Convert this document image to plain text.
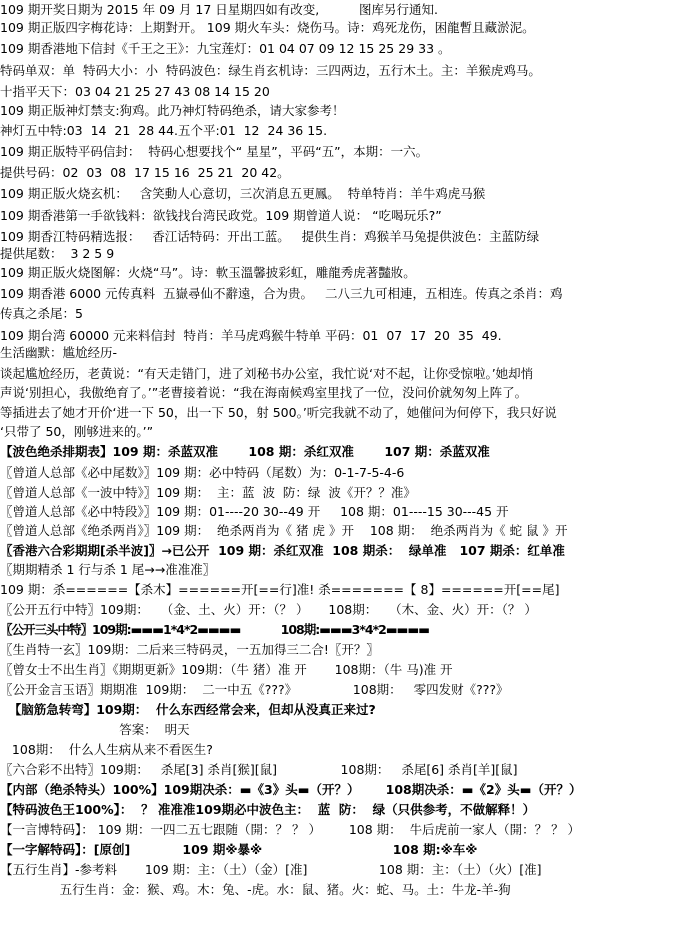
109 期开奖日期为 2015 年 09 月 17 日星期四如有改变,          图库另行通知.
109 期正版四字梅花诗：上期對开。 109 期火车头：烧伤马。诗：鸡死龙伤，困龍暫且藏淤泥。
109 期香港地下信封《千王之王》：九宝莲灯：01 04 07 09 12 15 25 29 33 。
特码单双：单  特码大小：小  特码波色：绿生肖玄机诗：三四两边，五行木土。主：羊猴虎鸡马。
十指平天下：03 04 21 25 27 43 08 14 15 20
109 期正版神灯禁支:狗鸡。此乃神灯特码绝杀，请大家参考！
神灯五中特:03  14  21  28 44.五个平:01  12  24 36 15.
109 期正版特平码信封：  特码心想要找个“ 星星”，平码“五”，本期：一六。
提供号码：02  03  08  17 15 16  25 21  20 42。
109 期正版火烧玄机：   含笑動人心意切，三次消息五更鳳。  特单特肖：羊牛鸡虎马猴
109 期香港第一手欲钱料：欲钱找台湾民政党。109 期曾道人说： “吃喝玩乐?”
109 期香江特码精选报：   香江话特码：开出工蓝。   提供生肖：鸡猴羊马兔提供波色：主蓝防绿
提供尾数：  3 2 5 9
109 期正版火烧图解：火烧“马”。诗：軟玉溫馨披彩虹，雕龍秀虎著豔妝。
109 期香港 6000 元传真料  五嶽尋仙不辭遠，合为贵。   二八三九可相連，五相连。传真之杀肖：鸡
传真之杀尾：5
109 期台湾 60000 元来料信封  特肖：羊马虎鸡猴牛特单 平码：01  07  17  20  35  49.
生活幽默：尴尬经历-
谈起尴尬经历，老黄说：“有天走错门，进了刘秘书办公室，我忙说‘对不起，让你受惊啦。’她却悄
声说‘别担心，我傲绝育了。’”老曹接着说：“我在海南候鸡室里找了一位，没问价就匆匆上阵了。
等插进去了她才开价‘进一下 50，出一下 50，射 500。’听完我就不动了，她催问为何停下，我只好说
‘只带了 50，刚够进来的。’”
【波色绝杀排期表】109 期：杀蓝双准       108 期：杀红双准       107 期：杀蓝双准
〖曾道人总部《必中尾数》〗109 期：必中特码（尾数）为：0-1-7-5-4-6
〖曾道人总部《一波中特》〗109 期：  主：蓝  波  防：绿  波《开？？准》
〖曾道人总部《必中特段》〗109 期：01----20 30--49 开     108 期：01----15 30---45 开
〖曾道人总部《绝杀两肖》〗109 期：  绝杀两肖为《 猪 虎 》开    108 期：  绝杀两肖为《 蛇 鼠 》开
〖香港六合彩期期[杀半波]〗→已公开  109 期：杀红双准  108 期杀：  绿单准   107 期杀：红单准
〖期期精杀 1 行与杀 1 尾→→准准准〗
109 期：杀======【杀木】======开[==行]准! 杀=======【 8】======开[==尾]
〖公开五行中特〗109期：   （金、土、火）开：（？ ）     108期：   （木、金、火）开：（？ ）
〖公开三头中特〗109期:▬▬▬1*4*2▬▬▬▬            108期:▬▬▬3*4*2▬▬▬▬
〖生肖特一玄〗109期：二后来三特码灵，一五加得三二合!〖开？〗
〖曾女士不出生肖〗《期期更新》109期：（牛 猪）准 开       108期：（牛 马)准 开
〖公开金言玉语〗期期准  109期：  二一中五《???》              108期：   零四发财《???》
【脑筋急转弯】109期：  什么东西经常会来，但却从没真正来过?
答案：  明天
108期：  什么人生病从来不看医生?
〖六合彩不出特〗109期：   杀尾[3] 杀肖[猴][鼠]                108期：   杀尾[6] 杀肖[羊][鼠]
【内部（绝杀特头）100%】109期决杀：▬《3》头▬（开？）      108期决杀：▬《2》头▬（开？）
【特码波色王100%】：  ？ 准准准109期必中波色主：  蓝  防：  绿（只供参考，不做解释！）
【一言博特码】： 109 期：一四二五七跟随（開：？ ？ ）       108 期：  牛后虎前一家人（開：？ ？ ）
【一字解特码】：[原创]            109 期※暴※                              108 期:※车※
【五行生肖】-参考料       109 期：主：（土）（金）[准]                  108 期：主：（土）（火）[准]
五行生肖：金：猴、鸡。木：兔、-虎。水：鼠、猪。火：蛇、马。土：牛龙-羊-狗
